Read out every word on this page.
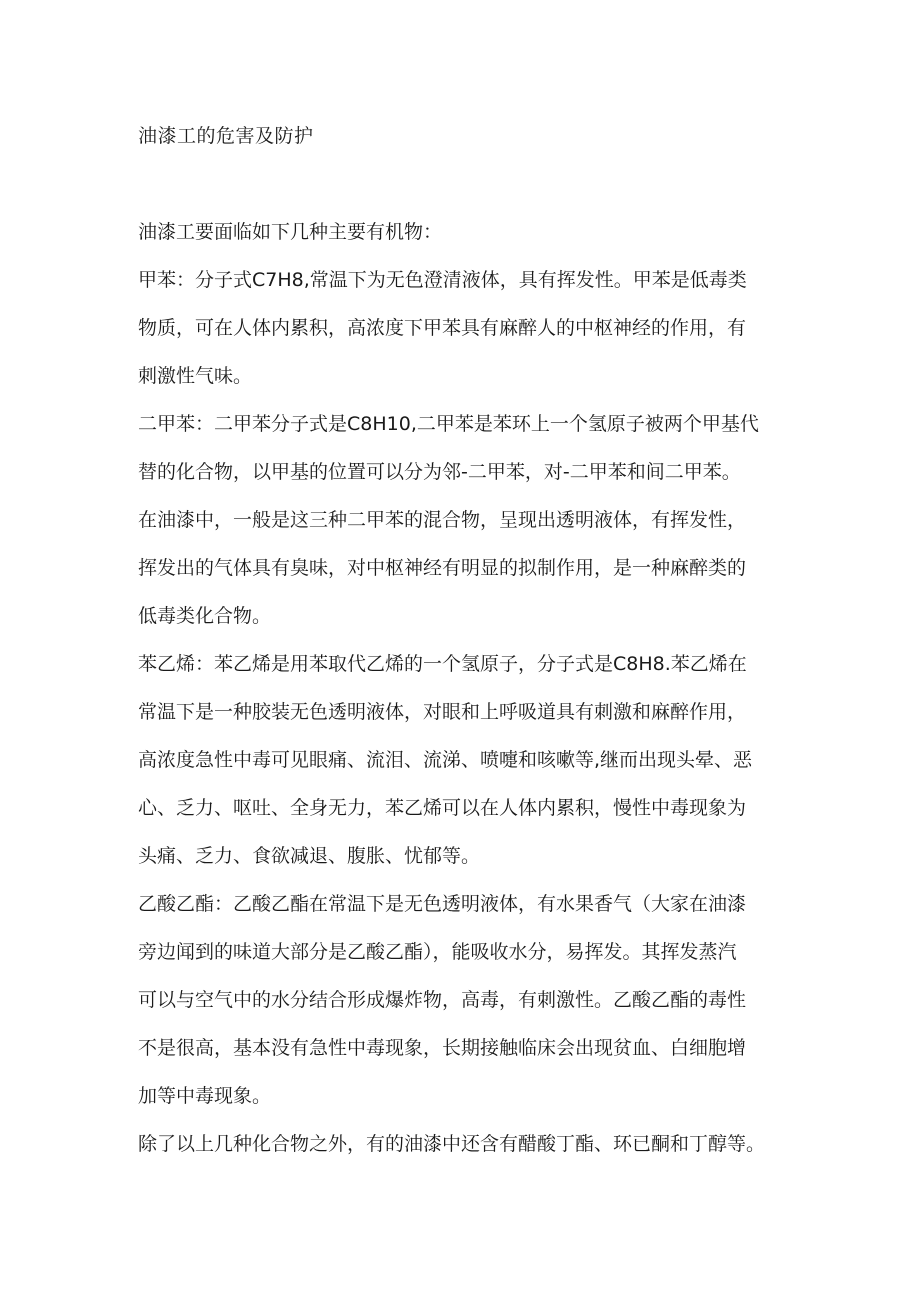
油漆工的危害及防护

油漆工要面临如下几种主要有机物：

甲苯：分子式C7H8,常温下为无色澄清液体，具有挥发性。甲苯是低毒类
物质，可在人体内累积，高浓度下甲苯具有麻醉人的中枢神经的作用，有
刺激性气味。

二甲苯：二甲苯分子式是C8H10,二甲苯是苯环上一个氢原子被两个甲基代
替的化合物，以甲基的位置可以分为邻-二甲苯，对-二甲苯和间二甲苯。
在油漆中，一般是这三种二甲苯的混合物，呈现出透明液体，有挥发性，
挥发出的气体具有臭味，对中枢神经有明显的拟制作用，是一种麻醉类的
低毒类化合物。

苯乙烯：苯乙烯是用苯取代乙烯的一个氢原子，分子式是C8H8.苯乙烯在
常温下是一种胶装无色透明液体，对眼和上呼吸道具有刺激和麻醉作用，
高浓度急性中毒可见眼痛、流泪、流涕、喷嚏和咳嗽等,继而出现头晕、恶
心、乏力、呕吐、全身无力，苯乙烯可以在人体内累积，慢性中毒现象为
头痛、乏力、食欲减退、腹胀、忧郁等。

乙酸乙酯：乙酸乙酯在常温下是无色透明液体，有水果香气（大家在油漆
旁边闻到的味道大部分是乙酸乙酯），能吸收水分，易挥发。其挥发蒸汽
可以与空气中的水分结合形成爆炸物，高毒，有刺激性。乙酸乙酯的毒性
不是很高，基本没有急性中毒现象，长期接触临床会出现贫血、白细胞增
加等中毒现象。

除了以上几种化合物之外，有的油漆中还含有醋酸丁酯、环已酮和丁醇等。
